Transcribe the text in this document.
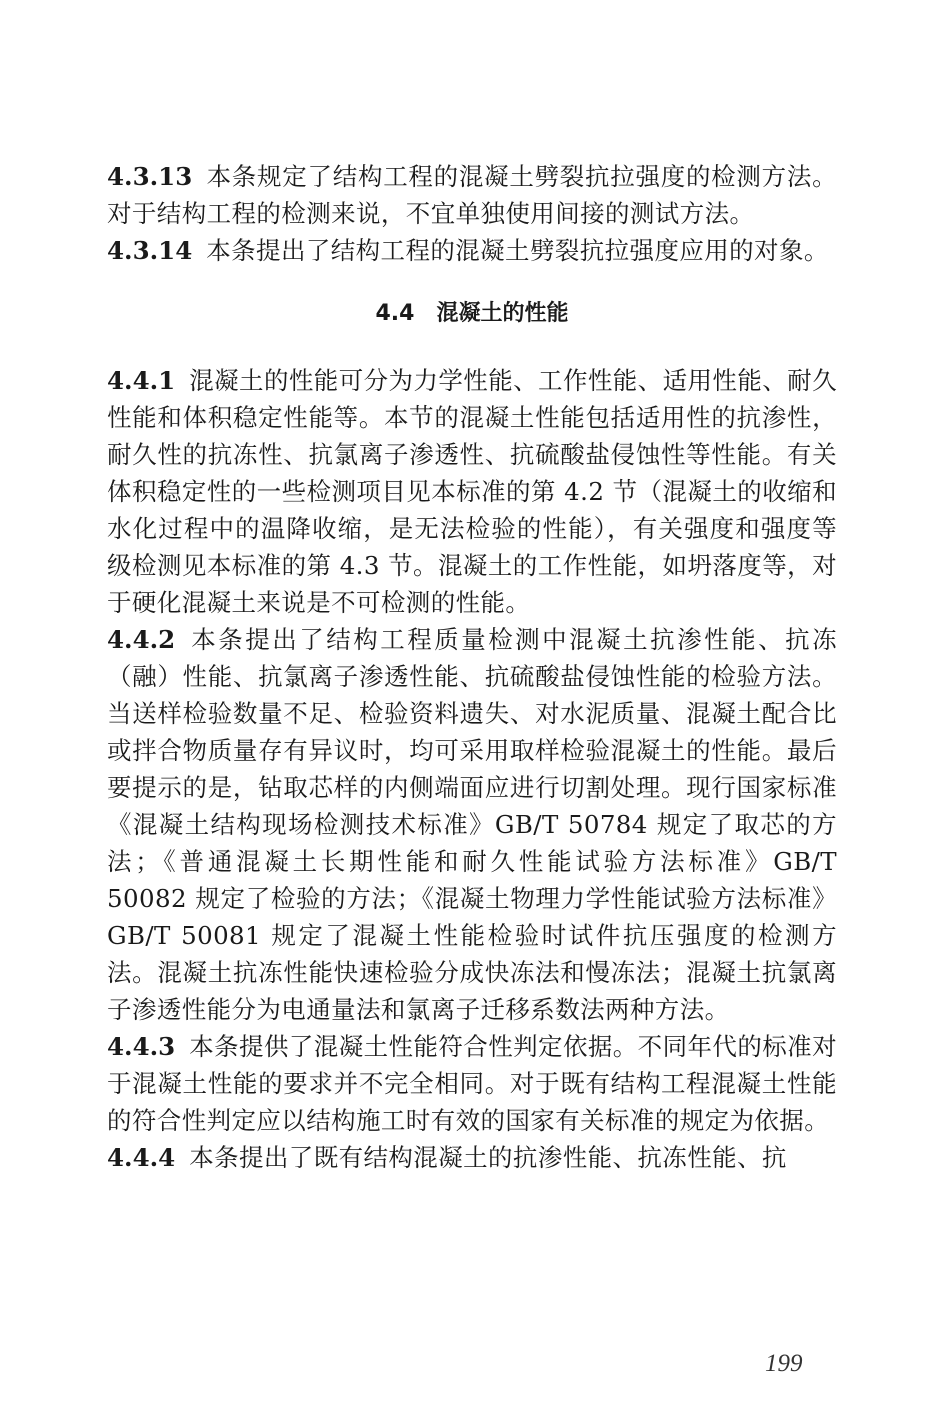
4.3.13 本条规定了结构工程的混凝土劈裂抗拉强度的检测方法。对于结构工程的检测来说，不宜单独使用间接的测试方法。

4.3.14 本条提出了结构工程的混凝土劈裂抗拉强度应用的对象。

4.4 混凝土的性能

4.4.1 混凝土的性能可分为力学性能、工作性能、适用性能、耐久性能和体积稳定性能等。本节的混凝土性能包括适用性的抗渗性，耐久性的抗冻性、抗氯离子渗透性、抗硫酸盐侵蚀性等性能。有关体积稳定性的一些检测项目见本标准的第 4.2 节（混凝土的收缩和水化过程中的温降收缩，是无法检验的性能），有关强度和强度等级检测见本标准的第 4.3 节。混凝土的工作性能，如坍落度等，对于硬化混凝土来说是不可检测的性能。

4.4.2 本条提出了结构工程质量检测中混凝土抗渗性能、抗冻（融）性能、抗氯离子渗透性能、抗硫酸盐侵蚀性能的检验方法。当送样检验数量不足、检验资料遗失、对水泥质量、混凝土配合比或拌合物质量存有异议时，均可采用取样检验混凝土的性能。最后要提示的是，钻取芯样的内侧端面应进行切割处理。现行国家标准《混凝土结构现场检测技术标准》GB/T 50784 规定了取芯的方法；《普通混凝土长期性能和耐久性能试验方法标准》GB/T 50082 规定了检验的方法；《混凝土物理力学性能试验方法标准》GB/T 50081 规定了混凝土性能检验时试件抗压强度的检测方法。混凝土抗冻性能快速检验分成快冻法和慢冻法；混凝土抗氯离子渗透性能分为电通量法和氯离子迁移系数法两种方法。

4.4.3 本条提供了混凝土性能符合性判定依据。不同年代的标准对于混凝土性能的要求并不完全相同。对于既有结构工程混凝土性能的符合性判定应以结构施工时有效的国家有关标准的规定为依据。

4.4.4 本条提出了既有结构混凝土的抗渗性能、抗冻性能、抗

199
